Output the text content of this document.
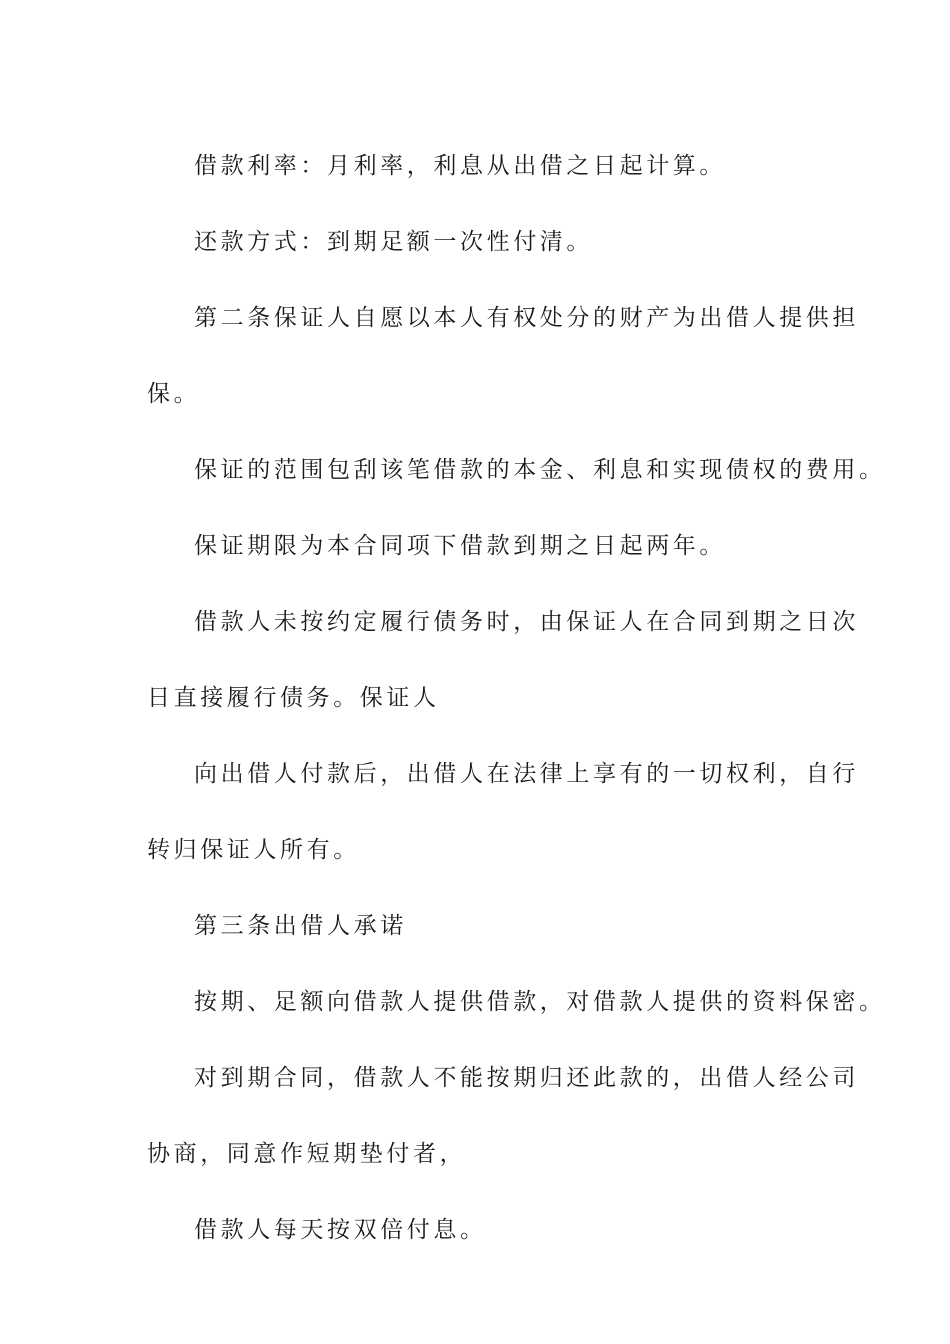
借款利率：月利率，利息从出借之日起计算。

还款方式：到期足额一次性付清。

第二条保证人自愿以本人有权处分的财产为出借人提供担

保。

保证的范围包刮该笔借款的本金、利息和实现债权的费用。

保证期限为本合同项下借款到期之日起两年。

借款人未按约定履行债务时，由保证人在合同到期之日次

日直接履行债务。保证人

向出借人付款后，出借人在法律上享有的一切权利，自行

转归保证人所有。

第三条出借人承诺

按期、足额向借款人提供借款，对借款人提供的资料保密。

对到期合同，借款人不能按期归还此款的，出借人经公司

协商，同意作短期垫付者，

借款人每天按双倍付息。
